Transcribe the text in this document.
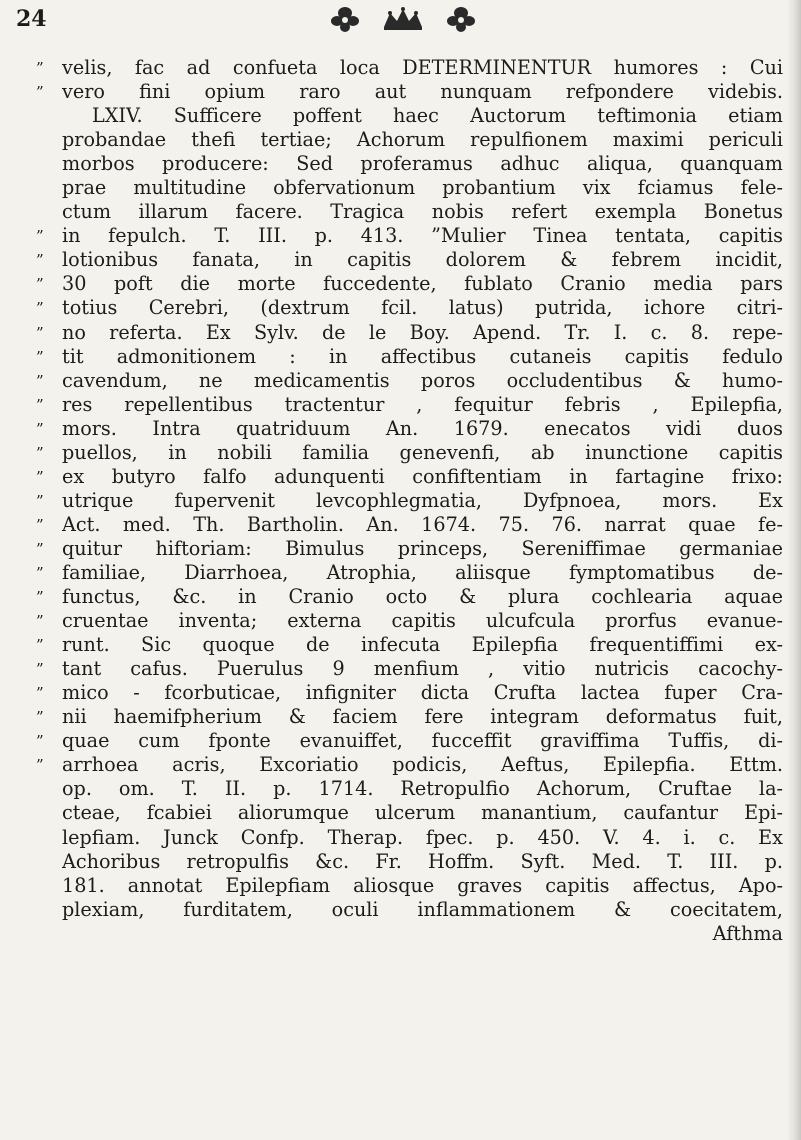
24
” velis, fac ad confueta loca DETERMINENTUR humores : Cui
” vero fini opium raro aut nunquam refpondere videbis.
LXIV. Sufficere poffent haec Auctorum teftimonia etiam
probandae thefi tertiae; Achorum repulfionem maximi periculi
morbos producere: Sed proferamus adhuc aliqua, quanquam
prae multitudine obfervationum probantium vix fciamus fele-
ctum illarum facere. Tragica nobis refert exempla Bonetus
” in fepulch. T. III. p. 413. ”Mulier Tinea tentata, capitis
” lotionibus fanata, in capitis dolorem & febrem incidit,
” 30 poft die morte fuccedente, fublato Cranio media pars
” totius Cerebri, (dextrum fcil. latus) putrida, ichore citri-
” no referta. Ex Sylv. de le Boy. Apend. Tr. I. c. 8. repe-
” tit admonitionem : in affectibus cutaneis capitis fedulo
” cavendum, ne medicamentis poros occludentibus & humo-
” res repellentibus tractentur , fequitur febris , Epilepfia,
” mors. Intra quatriduum An. 1679. enecatos vidi duos
” puellos, in nobili familia genevenfi, ab inunctione capitis
” ex butyro falfo adunquenti confiftentiam in fartagine frixo:
” utrique fupervenit levcophlegmatia, Dyfpnoea, mors. Ex
” Act. med. Th. Bartholin. An. 1674. 75. 76. narrat quae fe-
” quitur hiftoriam: Bimulus princeps, Sereniffimae germaniae
” familiae, Diarrhoea, Atrophia, aliisque fymptomatibus de-
” functus, &c. in Cranio octo & plura cochlearia aquae
” cruentae inventa; externa capitis ulcufcula prorfus evanue-
” runt. Sic quoque de infecuta Epilepfia frequentiffimi ex-
” tant cafus. Puerulus 9 menfium , vitio nutricis cacochy-
” mico - fcorbuticae, infigniter dicta Crufta lactea fuper Cra-
” nii haemifpherium & faciem fere integram deformatus fuit,
” quae cum fponte evanuiffet, fucceffit graviffima Tuffis, di-
” arrhoea acris, Excoriatio podicis, Aeftus, Epilepfia. Ettm.
op. om. T. II. p. 1714. Retropulfio Achorum, Cruftae la-
cteae, fcabiei aliorumque ulcerum manantium, caufantur Epi-
lepfiam. Junck Confp. Therap. fpec. p. 450. V. 4. i. c. Ex
Achoribus retropulfis &c. Fr. Hoffm. Syft. Med. T. III. p.
181. annotat Epilepfiam aliosque graves capitis affectus, Apo-
plexiam, furditatem, oculi inflammationem & coecitatem,
Afthma
